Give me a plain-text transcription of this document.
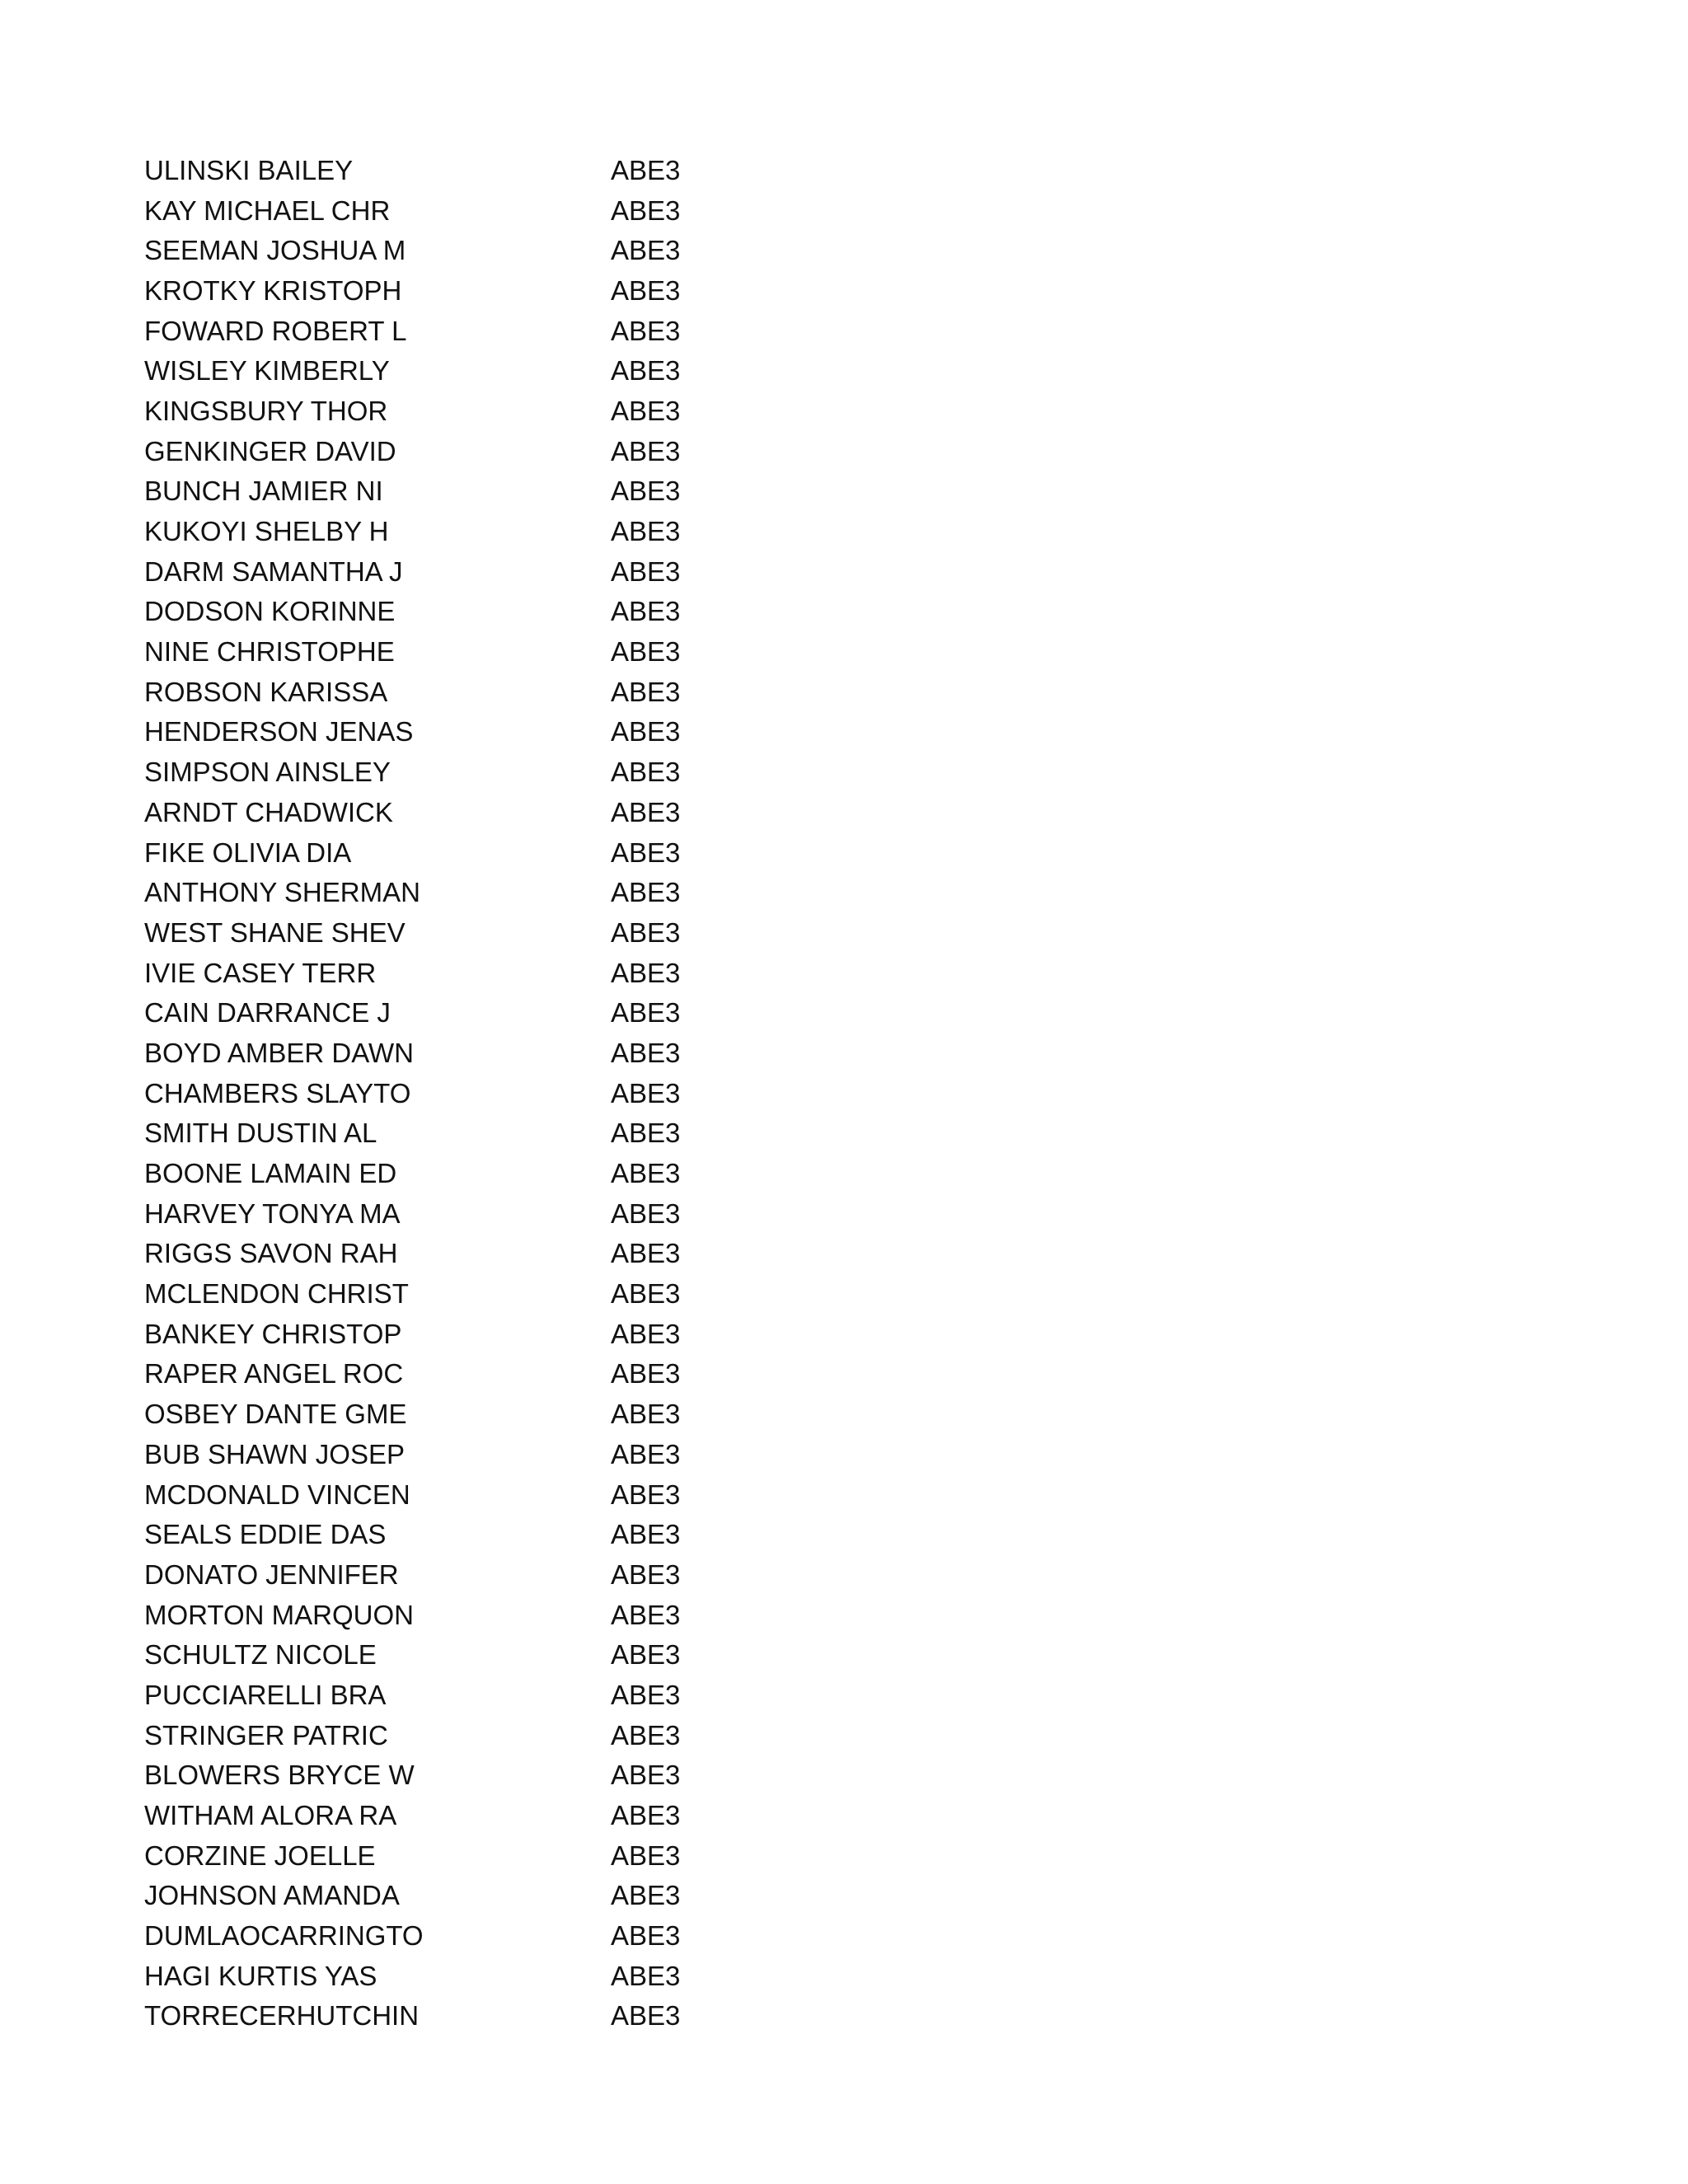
ULINSKI BAILEY	ABE3
KAY MICHAEL CHR	ABE3
SEEMAN JOSHUA M	ABE3
KROTKY KRISTOPH	ABE3
FOWARD ROBERT L	ABE3
WISLEY KIMBERLY	ABE3
KINGSBURY THOR	ABE3
GENKINGER DAVID	ABE3
BUNCH JAMIER NI	ABE3
KUKOYI SHELBY H	ABE3
DARM SAMANTHA J	ABE3
DODSON KORINNE	ABE3
NINE CHRISTOPHE	ABE3
ROBSON KARISSA	ABE3
HENDERSON JENAS	ABE3
SIMPSON AINSLEY	ABE3
ARNDT CHADWICK	ABE3
FIKE OLIVIA DIA	ABE3
ANTHONY SHERMAN	ABE3
WEST SHANE SHEV	ABE3
IVIE CASEY TERR	ABE3
CAIN DARRANCE J	ABE3
BOYD AMBER DAWN	ABE3
CHAMBERS SLAYTO	ABE3
SMITH DUSTIN AL	ABE3
BOONE LAMAIN ED	ABE3
HARVEY TONYA MA	ABE3
RIGGS SAVON RAH	ABE3
MCLENDON CHRIST	ABE3
BANKEY CHRISTOP	ABE3
RAPER ANGEL ROC	ABE3
OSBEY DANTE GME	ABE3
BUB SHAWN JOSEP	ABE3
MCDONALD VINCEN	ABE3
SEALS EDDIE DAS	ABE3
DONATO JENNIFER	ABE3
MORTON MARQUON	ABE3
SCHULTZ NICOLE	ABE3
PUCCIARELLI BRA	ABE3
STRINGER PATRIC	ABE3
BLOWERS BRYCE W	ABE3
WITHAM ALORA RA	ABE3
CORZINE JOELLE	ABE3
JOHNSON AMANDA	ABE3
DUMLAOCARRINGTO	ABE3
HAGI KURTIS YAS	ABE3
TORRECERHUTCHIN	ABE3
